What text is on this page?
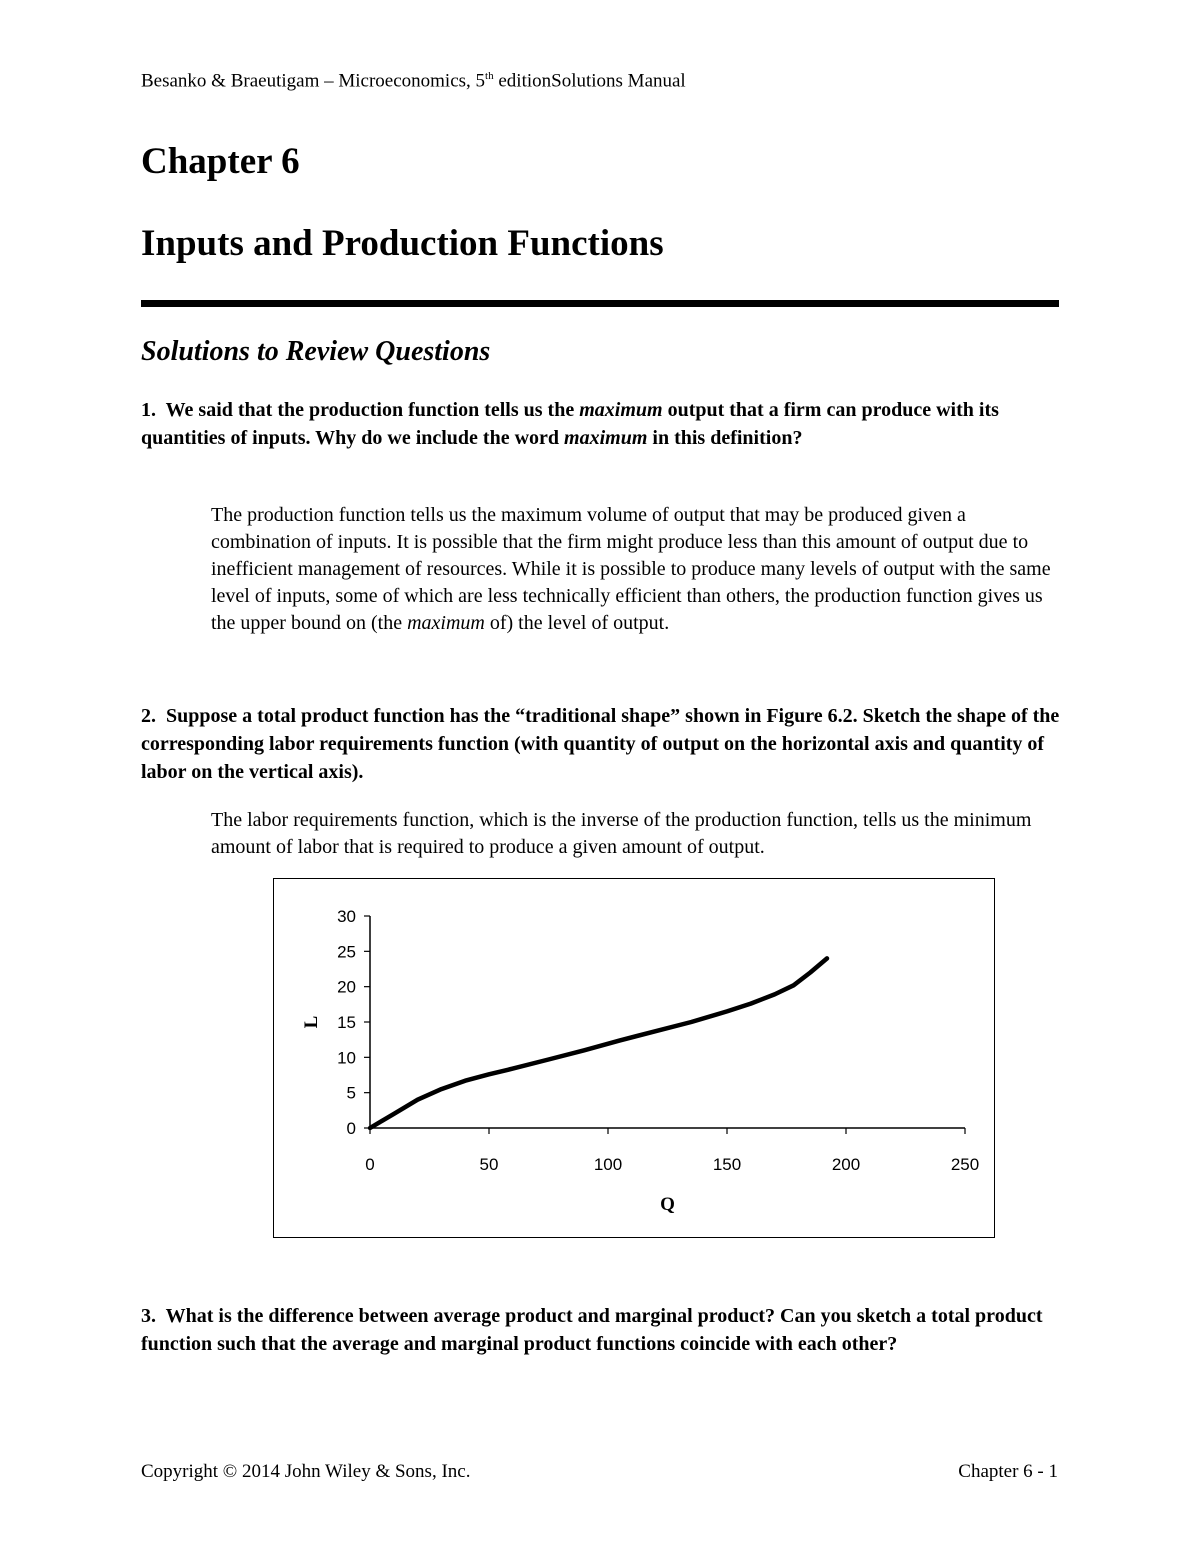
Besanko & Braeutigam – Microeconomics, 5th editionSolutions Manual
Chapter 6
Inputs and Production Functions
Solutions to Review Questions

1.  We said that the production function tells us the maximum output that a firm can produce with its quantities of inputs. Why do we include the word maximum in this definition?

The production function tells us the maximum volume of output that may be produced given a combination of inputs. It is possible that the firm might produce less than this amount of output due to inefficient management of resources. While it is possible to produce many levels of output with the same level of inputs, some of which are less technically efficient than others, the production function gives us the upper bound on (the maximum of) the level of output.

2.  Suppose a total product function has the “traditional shape” shown in Figure 6.2. Sketch the shape of the corresponding labor requirements function (with quantity of output on the horizontal axis and quantity of labor on the vertical axis).

The labor requirements function, which is the inverse of the production function, tells us the minimum amount of labor that is required to produce a given amount of output.

0
5
10
15
20
25
30
0	50	100	150	200	250
L
Q

3.  What is the difference between average product and marginal product? Can you sketch a total product function such that the average and marginal product functions coincide with each other?

Copyright © 2014 John Wiley & Sons, Inc.	Chapter 6 - 1
